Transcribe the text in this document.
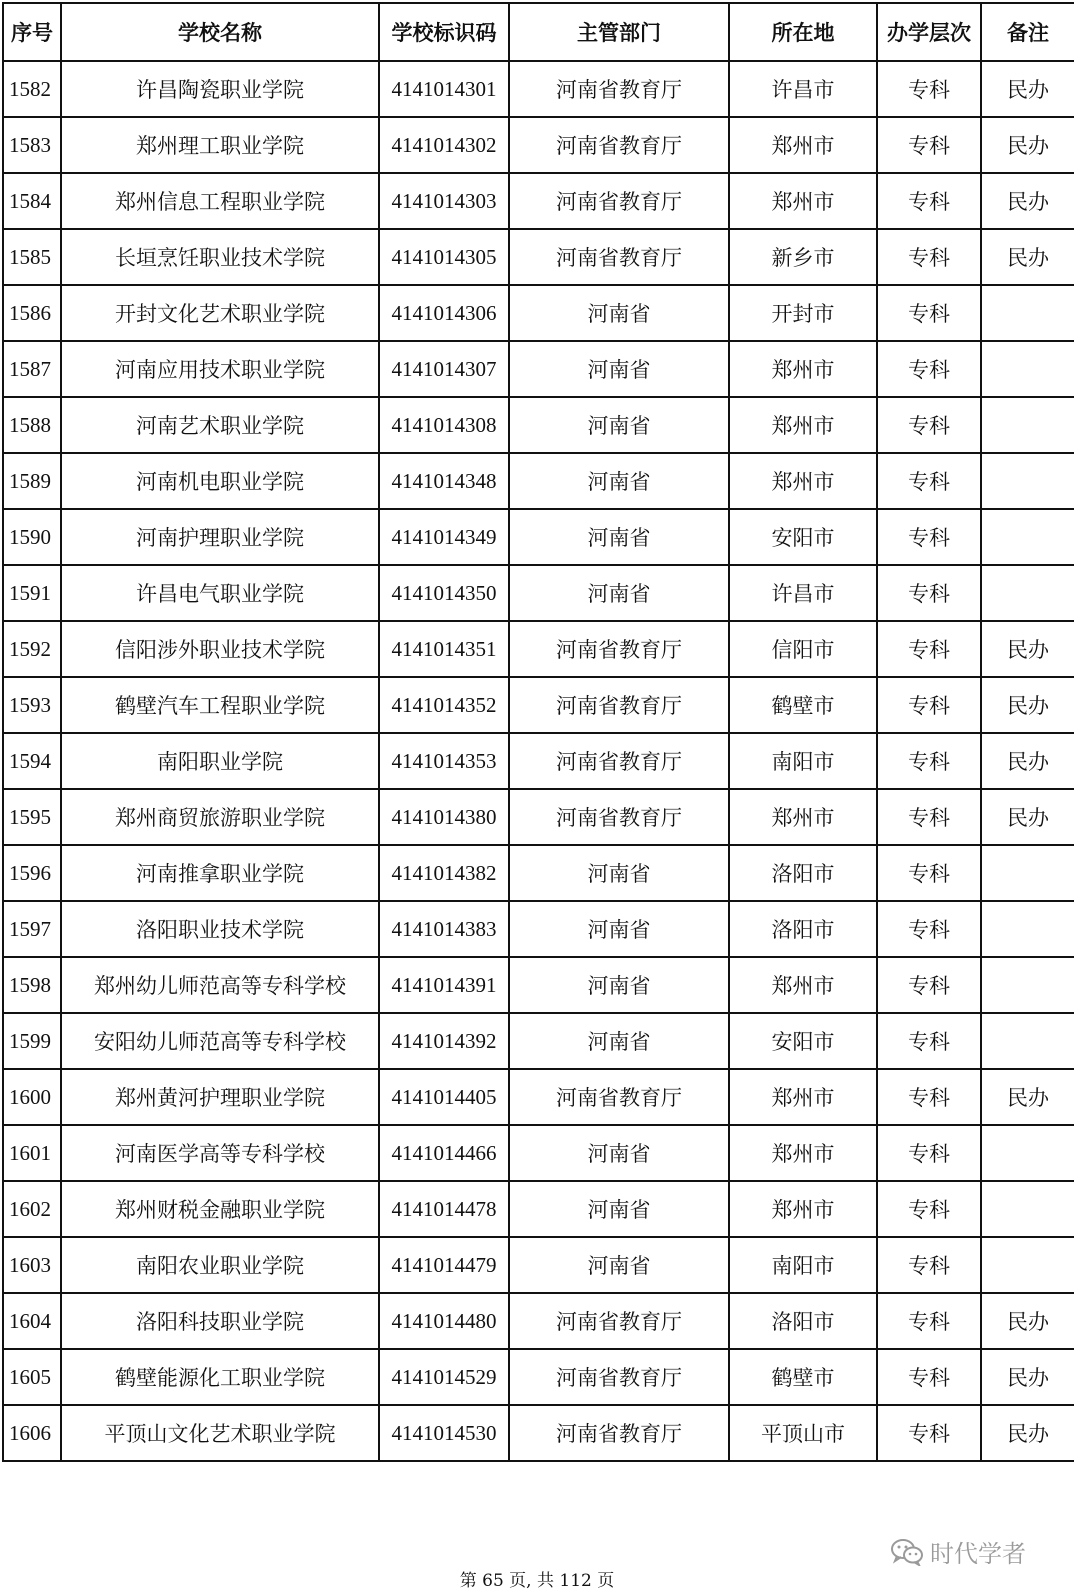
序号	学校名称	学校标识码	主管部门	所在地	办学层次	备注
1582	许昌陶瓷职业学院	4141014301	河南省教育厅	许昌市	专科	民办
1583	郑州理工职业学院	4141014302	河南省教育厅	郑州市	专科	民办
1584	郑州信息工程职业学院	4141014303	河南省教育厅	郑州市	专科	民办
1585	长垣烹饪职业技术学院	4141014305	河南省教育厅	新乡市	专科	民办
1586	开封文化艺术职业学院	4141014306	河南省	开封市	专科	
1587	河南应用技术职业学院	4141014307	河南省	郑州市	专科	
1588	河南艺术职业学院	4141014308	河南省	郑州市	专科	
1589	河南机电职业学院	4141014348	河南省	郑州市	专科	
1590	河南护理职业学院	4141014349	河南省	安阳市	专科	
1591	许昌电气职业学院	4141014350	河南省	许昌市	专科	
1592	信阳涉外职业技术学院	4141014351	河南省教育厅	信阳市	专科	民办
1593	鹤壁汽车工程职业学院	4141014352	河南省教育厅	鹤壁市	专科	民办
1594	南阳职业学院	4141014353	河南省教育厅	南阳市	专科	民办
1595	郑州商贸旅游职业学院	4141014380	河南省教育厅	郑州市	专科	民办
1596	河南推拿职业学院	4141014382	河南省	洛阳市	专科	
1597	洛阳职业技术学院	4141014383	河南省	洛阳市	专科	
1598	郑州幼儿师范高等专科学校	4141014391	河南省	郑州市	专科	
1599	安阳幼儿师范高等专科学校	4141014392	河南省	安阳市	专科	
1600	郑州黄河护理职业学院	4141014405	河南省教育厅	郑州市	专科	民办
1601	河南医学高等专科学校	4141014466	河南省	郑州市	专科	
1602	郑州财税金融职业学院	4141014478	河南省	郑州市	专科	
1603	南阳农业职业学院	4141014479	河南省	南阳市	专科	
1604	洛阳科技职业学院	4141014480	河南省教育厅	洛阳市	专科	民办
1605	鹤壁能源化工职业学院	4141014529	河南省教育厅	鹤壁市	专科	民办
1606	平顶山文化艺术职业学院	4141014530	河南省教育厅	平顶山市	专科	民办
时代学者
第 65 页, 共 112 页
